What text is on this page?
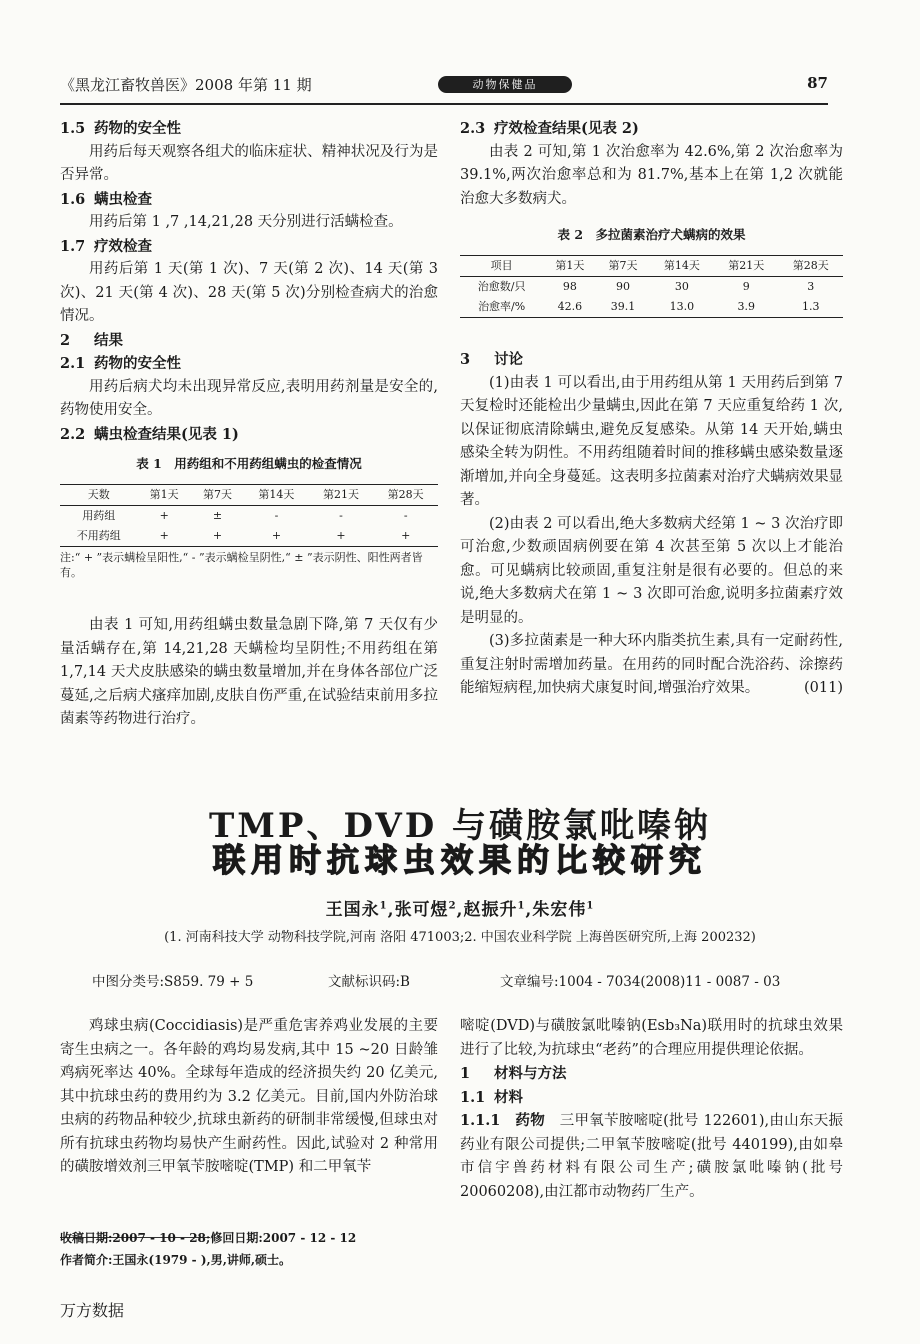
《黑龙江畜牧兽医》2008 年第 11 期	动物保健品	87

1.5 药物的安全性

用药后每天观察各组犬的临床症状、精神状况及行为是否异常。

1.6 螨虫检查

用药后第 1 ,7 ,14,21,28 天分别进行活螨检查。

1.7 疗效检查

用药后第 1 天(第 1 次)、7 天(第 2 次)、14 天(第 3 次)、21 天(第 4 次)、28 天(第 5 次)分别检查病犬的治愈情况。

2 结果

2.1 药物的安全性

用药后病犬均未出现异常反应,表明用药剂量是安全的,药物使用安全。

2.2 螨虫检查结果(见表 1)

表 1　用药组和不用药组螨虫的检查情况
天数	第1天	第7天	第14天	第21天	第28天
用药组	+	±	-	-	-
不用药组	+	+	+	+	+
注:“ + ”表示螨检呈阳性,“ - ”表示螨检呈阴性,“ ± ”表示阴性、阳性两者皆有。

由表 1 可知,用药组螨虫数量急剧下降,第 7 天仅有少量活螨存在,第 14,21,28 天螨检均呈阴性;不用药组在第 1,7,14 天犬皮肤感染的螨虫数量增加,并在身体各部位广泛蔓延,之后病犬瘙痒加剧,皮肤自伤严重,在试验结束前用多拉菌素等药物进行治疗。

2.3 疗效检查结果(见表 2)

由表 2 可知,第 1 次治愈率为 42.6%,第 2 次治愈率为 39.1%,两次治愈率总和为 81.7%,基本上在第 1,2 次就能治愈大多数病犬。

表 2　多拉菌素治疗犬螨病的效果
项目	第1天	第7天	第14天	第21天	第28天
治愈数/只	98	90	30	9	3
治愈率/%	42.6	39.1	13.0	3.9	1.3

3 讨论

(1)由表 1 可以看出,由于用药组从第 1 天用药后到第 7 天复检时还能检出少量螨虫,因此在第 7 天应重复给药 1 次,以保证彻底清除螨虫,避免反复感染。从第 14 天开始,螨虫感染全转为阴性。不用药组随着时间的推移螨虫感染数量逐渐增加,并向全身蔓延。这表明多拉菌素对治疗犬螨病效果显著。

(2)由表 2 可以看出,绝大多数病犬经第 1 ~ 3 次治疗即可治愈,少数顽固病例要在第 4 次甚至第 5 次以上才能治愈。可见螨病比较顽固,重复注射是很有必要的。但总的来说,绝大多数病犬在第 1 ~ 3 次即可治愈,说明多拉菌素疗效是明显的。

(3)多拉菌素是一种大环内脂类抗生素,具有一定耐药性,重复注射时需增加药量。在用药的同时配合洗浴药、涂擦药能缩短病程,加快病犬康复时间,增强治疗效果。	(011)

TMP、DVD 与磺胺氯吡嗪钠
联用时抗球虫效果的比较研究
王国永$^1$,张可煜$^2$,赵振升$^1$,朱宏伟$^1$
(1. 河南科技大学 动物科技学院,河南 洛阳 471003;2. 中国农业科学院 上海兽医研究所,上海 200232)
中图分类号:S859. 79 + 5	文献标识码:B	文章编号:1004 - 7034(2008)11 - 0087 - 03

鸡球虫病(Coccidiasis)是严重危害养鸡业发展的主要寄生虫病之一。各年龄的鸡均易发病,其中 15 ~20 日龄雏鸡病死率达 40%。全球每年造成的经济损失约 20 亿美元,其中抗球虫药的费用约为 3.2 亿美元。目前,国内外防治球虫病的药物品种较少,抗球虫新药的研制非常缓慢,但球虫对所有抗球虫药物均易快产生耐药性。因此,试验对 2 种常用的磺胺增效剂三甲氧苄胺嘧啶(TMP) 和二甲氧苄

嘧啶(DVD)与磺胺氯吡嗪钠(Esb₃Na)联用时的抗球虫效果进行了比较,为抗球虫“老药”的合理应用提供理论依据。

1 材料与方法

1.1 材料

1.1.1　 药物　 三甲氧苄胺嘧啶(批号 122601),由山东天振药业有限公司提供;二甲氧苄胺嘧啶(批号 440199),由如皋市信宇兽药材料有限公司生产;磺胺氯吡嗪钠(批号 20060208),由江都市动物药厂生产。

收稿日期:2007 - 10 - 28;修回日期:2007 - 12 - 12
作者简介:王国永(1979 - ),男,讲师,硕士。
万方数据
